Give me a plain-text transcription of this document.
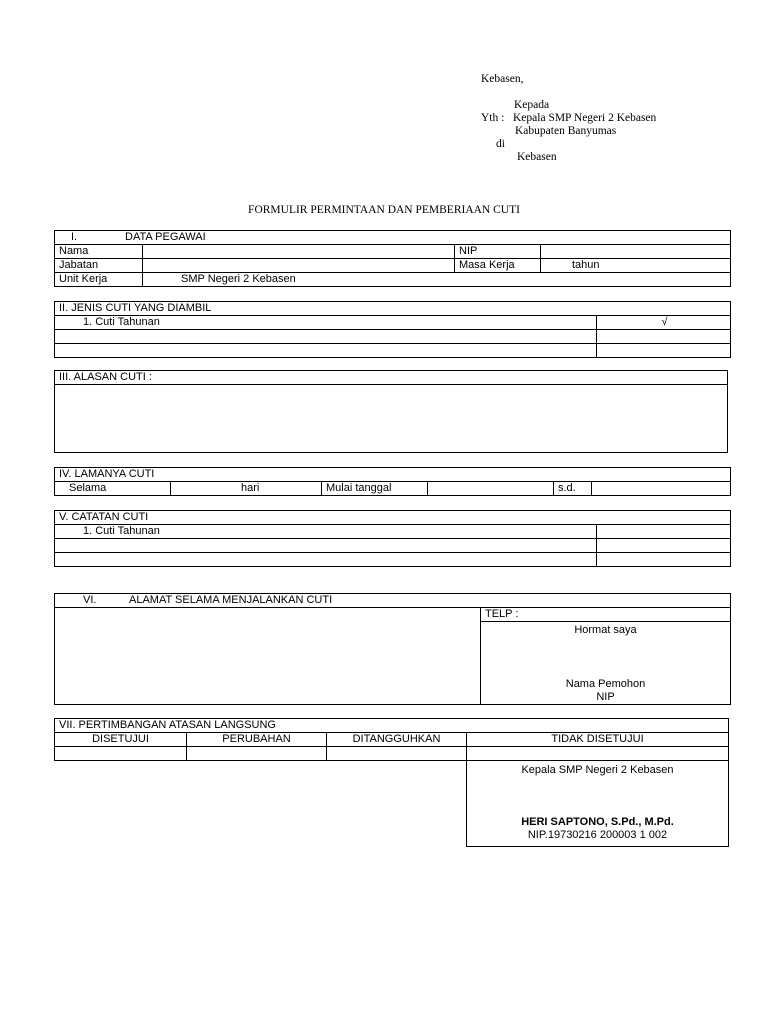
Kebasen,
Kepada
Yth : Kepala SMP Negeri 2 Kebasen
Kabupaten Banyumas
di
Kebasen
FORMULIR PERMINTAAN DAN PEMBERIAAN CUTI
I. DATA PEGAWAI			
Nama		NIP	
Jabatan		Masa Kerja	tahun
Unit Kerja	SMP Negeri 2 Kebasen		
II. JENIS CUTI YANG DIAMBIL	
1. Cuti Tahunan	√

III. ALASAN CUTI :

IV. LAMANYA CUTI
Selama	hari	Mulai tanggal		s.d.	
V. CATATAN CUTI	
1. Cuti Tahunan	

VI.	ALAMAT SELAMA MENJALANKAN CUTI
	TELP :

Hormat saya
Nama Pemohon
NIP
VII. PERTIMBANGAN ATASAN LANGSUNG			
DISETUJUI	PERUBAHAN	DITANGGUHKAN	TIDAK DISETUJUI

			Kepala SMP Negeri 2 Kebasen
HERI SAPTONO, S.Pd., M.Pd.
NIP.19730216 200003 1 002
